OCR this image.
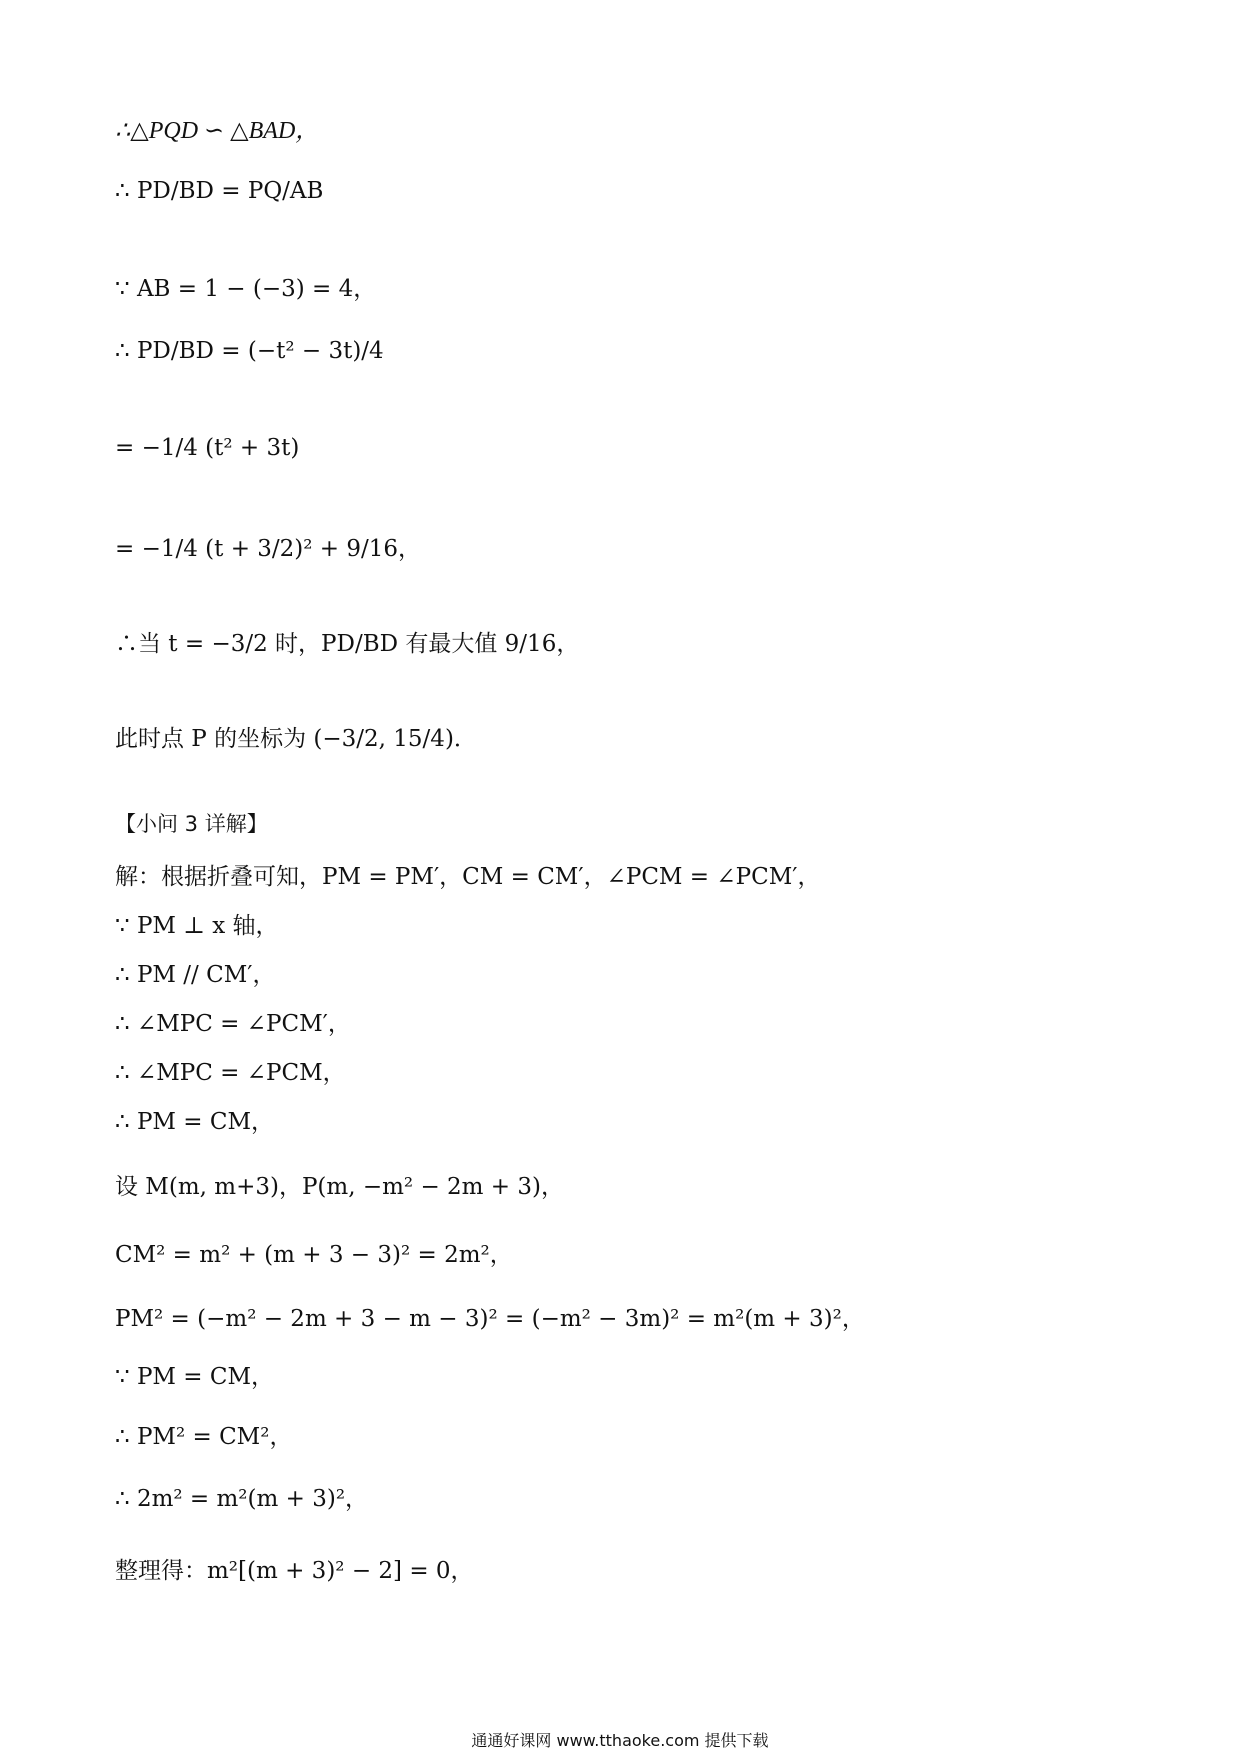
∴△PQD ∽ △BAD，
∴ PD/BD = PQ/AB
∵ AB = 1 − (−3) = 4，
∴ PD/BD = (−t² − 3t)/4
= −1/4 (t² + 3t)
= −1/4 (t + 3/2)² + 9/16，
∴当 t = −3/2 时，PD/BD 有最大值 9/16，
此时点 P 的坐标为 (−3/2, 15/4)．
【小问 3 详解】
解：根据折叠可知，PM = PM′，CM = CM′，∠PCM = ∠PCM′，
∵ PM ⊥ x 轴，
∴ PM // CM′，
∴ ∠MPC = ∠PCM′，
∴ ∠MPC = ∠PCM，
∴ PM = CM，
设 M(m, m+3)，P(m, −m² − 2m + 3)，
CM² = m² + (m + 3 − 3)² = 2m²，
PM² = (−m² − 2m + 3 − m − 3)² = (−m² − 3m)² = m²(m + 3)²，
∵ PM = CM，
∴ PM² = CM²，
∴ 2m² = m²(m + 3)²，
整理得：m²[(m + 3)² − 2] = 0，
通通好课网 www.tthaoke.com 提供下载
